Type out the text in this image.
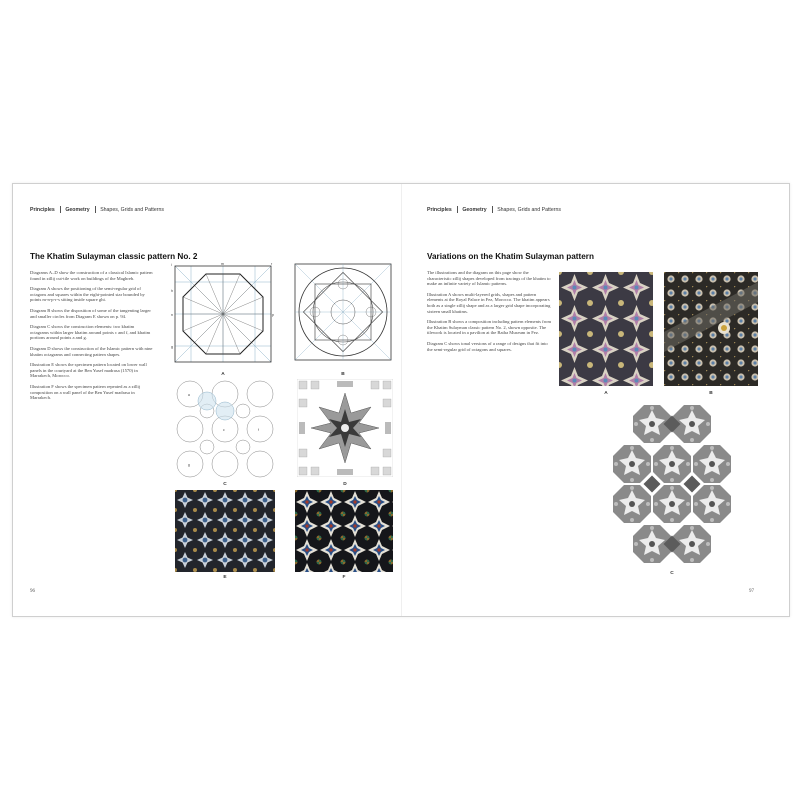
Principles Geometry Shapes, Grids and Patterns
The Khatim Sulayman classic pattern No. 2

Diagrams A–D show the construction of a classical Islamic pattern found in zillij cut-tile work on buildings of the Maghreb.

Diagram A shows the positioning of the semi-regular grid of octagons and squares within the eight-pointed star bounded by points m-n-p-r-s sitting inside square ghi.

Diagram B shows the disposition of some of the tangenting larger and smaller circles from Diagram E shown on p. 94.

Diagram C shows the construction elements: two khatim octagrams within larger khatim around points c and f, and khatim portions around points a and g.

Diagram D shows the construction of the Islamic pattern with nine khatim octagrams and connecting pattern shapes.

Illustration E shows the specimen pattern located on lower wall panels in the courtyard at the Ben Yusef madrasa (1570) in Marrakech, Morocco.

Illustration F shows the specimen pattern repeated as a zillij composition on a wall panel of the Ben Yusef madrasa in Marrakech.

i
h
n
g
m	r
p
A	B
a
c	f
g
C	D
E	F
96
Principles Geometry Shapes, Grids and Patterns
Variations on the Khatim Sulayman pattern

The illustrations and the diagram on this page show the characteristic zillij shapes developed from tracings of the khatim to make an infinite variety of Islamic patterns.

Illustration A shows multi-layered grids, shapes and pattern elements at the Royal Palace in Fez, Morocco. The khatim appears both as a single zillij shape and as a larger grid shape incorporating sixteen small khatims.

Illustration B shows a composition including pattern elements from the Khatim Sulayman classic pattern No. 2, shown opposite. The tilework is located in a pavilion at the Batha Museum in Fez.

Diagram C shows tonal versions of a range of designs that fit into the semi-regular grid of octagons and squares.

A	B
C
97
